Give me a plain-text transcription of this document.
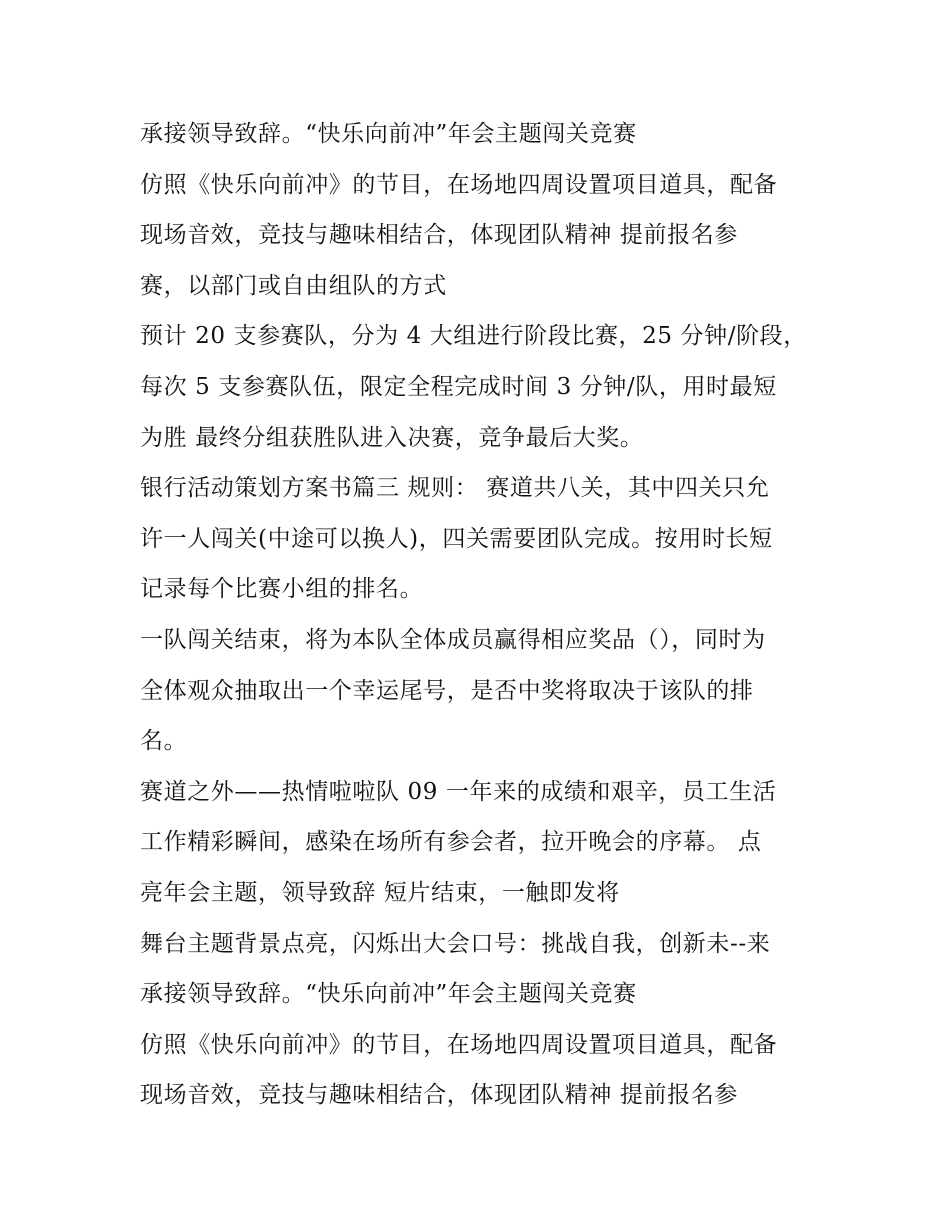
承接领导致辞。“快乐向前冲”年会主题闯关竞赛
仿照《快乐向前冲》的节目，在场地四周设置项目道具，配备
现场音效，竞技与趣味相结合，体现团队精神 提前报名参
赛，以部门或自由组队的方式
预计 20 支参赛队，分为 4 大组进行阶段比赛，25 分钟/阶段，
每次 5 支参赛队伍，限定全程完成时间 3 分钟/队，用时最短
为胜 最终分组获胜队进入决赛，竞争最后大奖。
银行活动策划方案书篇三 规则： 赛道共八关，其中四关只允
许一人闯关(中途可以换人)，四关需要团队完成。按用时长短
记录每个比赛小组的排名。
一队闯关结束，将为本队全体成员赢得相应奖品（），同时为
全体观众抽取出一个幸运尾号，是否中奖将取决于该队的排
名。
赛道之外——热情啦啦队 09 一年来的成绩和艰辛，员工生活
工作精彩瞬间，感染在场所有参会者，拉开晚会的序幕。 点
亮年会主题，领导致辞 短片结束，一触即发将
舞台主题背景点亮，闪烁出大会口号：挑战自我，创新未--来
承接领导致辞。“快乐向前冲”年会主题闯关竞赛
仿照《快乐向前冲》的节目，在场地四周设置项目道具，配备
现场音效，竞技与趣味相结合，体现团队精神 提前报名参
